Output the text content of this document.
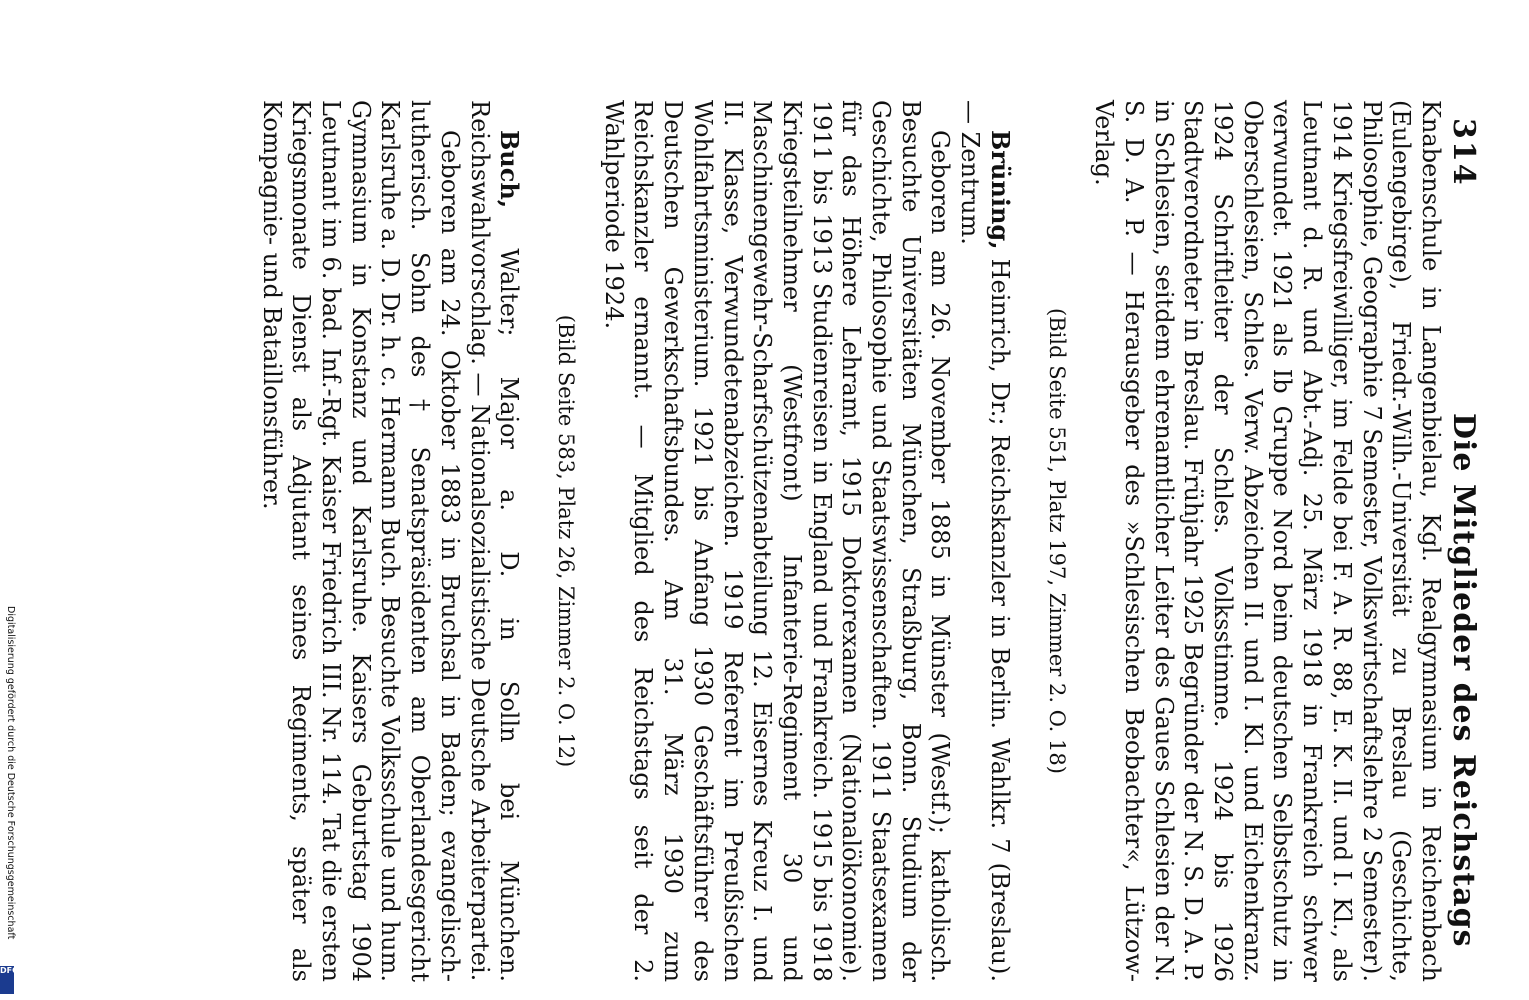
314
Die Mitglieder des Reichstags

Knabenschule in Langenbielau, Kgl. Realgymnasium in Reichenbach (Eulengebirge), Friedr.-Wilh.-Universität zu Breslau (Geschichte, Philosophie, Geographie 7 Semester, Volkswirtschaftslehre 2 Semester). 1914 Kriegsfreiwilliger, im Felde bei F. A. R. 88, E. K. II. und I. Kl., als Leutnant d. R. und Abt.-Adj. 25. März 1918 in Frankreich schwer verwundet. 1921 als Ib Gruppe Nord beim deutschen Selbstschutz in Oberschlesien, Schles. Verw. Abzeichen II. und I. Kl. und Eichenkranz. 1924 Schriftleiter der Schles. Volksstimme. 1924 bis 1926 Stadtverordneter in Breslau. Frühjahr 1925 Begründer der N. S. D. A. P. in Schlesien, seitdem ehrenamtlicher Leiter des Gaues Schlesien der N. S. D. A. P. — Herausgeber des »Schlesischen Beobachter«, Lützow-Verlag.

(Bild Seite 551, Platz 197, Zimmer 2. O. 18)

Brüning, Heinrich, Dr.; Reichskanzler in Berlin. Wahlkr. 7 (Breslau). — Zentrum.

Geboren am 26. November 1885 in Münster (Westf.); katholisch. Besuchte Universitäten München, Straßburg, Bonn. Studium der Geschichte, Philosophie und Staatswissenschaften. 1911 Staatsexamen für das Höhere Lehramt, 1915 Doktorexamen (Nationalökonomie). 1911 bis 1913 Studienreisen in England und Frankreich. 1915 bis 1918 Kriegsteilnehmer (Westfront) Infanterie-Regiment 30 und Maschinengewehr-Scharfschützenabteilung 12. Eisernes Kreuz I. und II. Klasse, Verwundetenabzeichen. 1919 Referent im Preußischen Wohlfahrtsministerium. 1921 bis Anfang 1930 Geschäftsführer des Deutschen Gewerkschaftsbundes. Am 31. März 1930 zum Reichskanzler ernannt. — Mitglied des Reichstags seit der 2. Wahlperiode 1924.

(Bild Seite 583, Platz 26, Zimmer 2. O. 12)

Buch, Walter; Major a. D. in Solln bei München. Reichswahlvorschlag. — Nationalsozialistische Deutsche Arbeiterpartei.

Geboren am 24. Oktober 1883 in Bruchsal in Baden; evangelisch-lutherisch. Sohn des † Senatspräsidenten am Oberlandesgericht Karlsruhe a. D. Dr. h. c. Hermann Buch. Besuchte Volksschule und hum. Gymnasium in Konstanz und Karlsruhe. Kaisers Geburtstag 1904 Leutnant im 6. bad. Inf.-Rgt. Kaiser Friedrich III. Nr. 114. Tat die ersten Kriegsmonate Dienst als Adjutant seines Regiments, später als Kompagnie- und Bataillonsführer.

Digitalisierung gefördert durch die Deutsche Forschungsgemeinschaft
DFG
